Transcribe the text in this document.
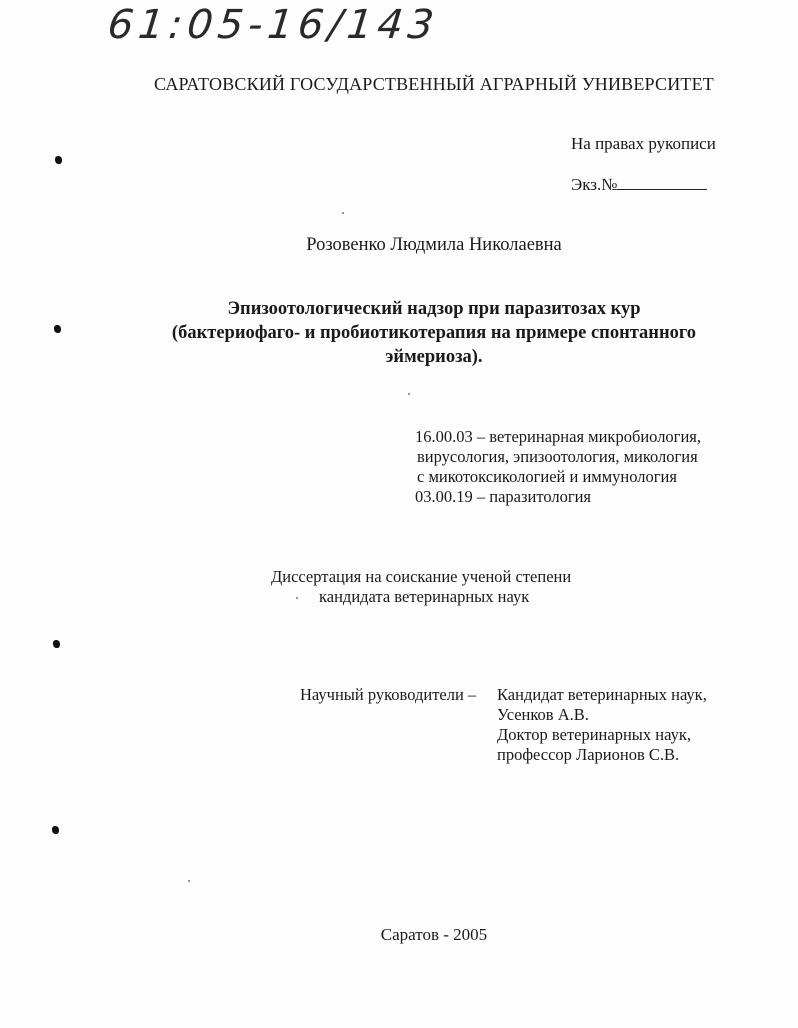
61:05-16/143
САРАТОВСКИЙ ГОСУДАРСТВЕННЫЙ АГРАРНЫЙ УНИВЕРСИТЕТ
На правах рукописи
Экз.№
Розовенко Людмила Николаевна
Эпизоотологический надзор при паразитозах кур
(бактериофаго- и пробиотикотерапия на примере спонтанного
эймериоза).
16.00.03 – ветеринарная микробиология,
вирусология, эпизоотология, микология
с микотоксикологией и иммунология
03.00.19 – паразитология
Диссертация на соискание ученой степени
кандидата ветеринарных наук
Научный руководители –	Кандидат ветеринарных наук,
Усенков А.В.
Доктор ветеринарных наук,
профессор Ларионов С.В.
Саратов - 2005
